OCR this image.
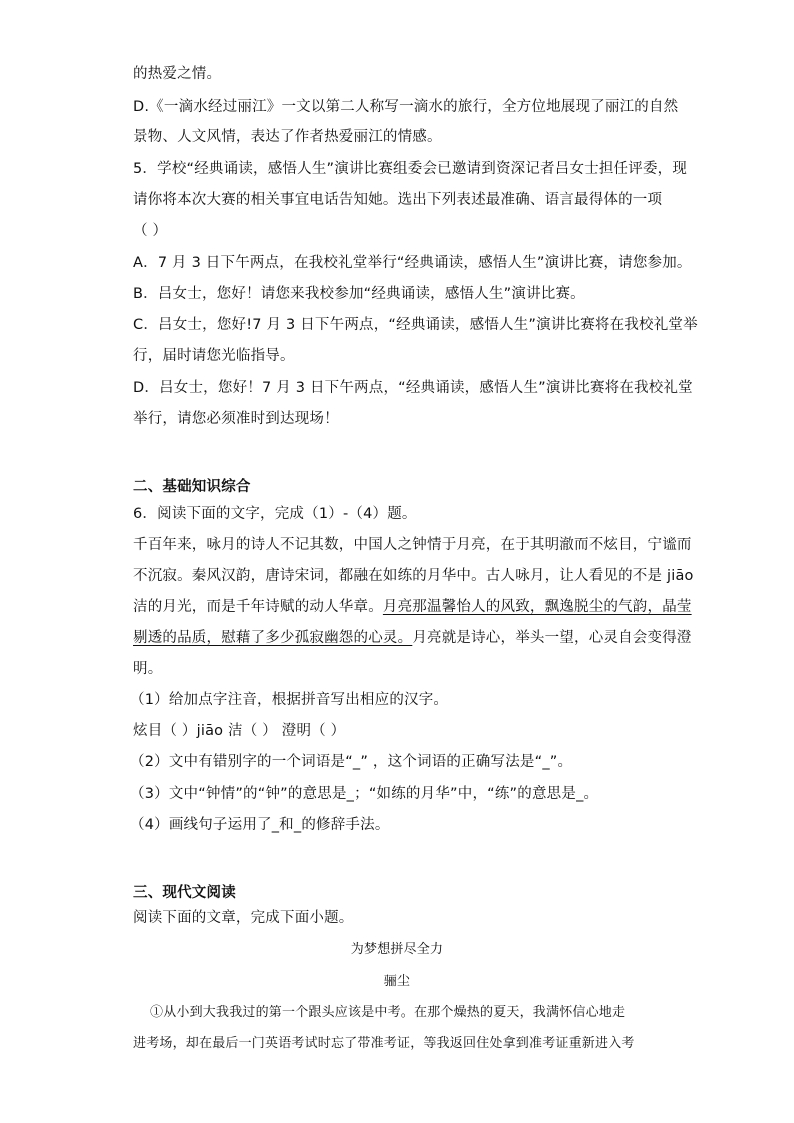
的热爱之情。
D.《一滴水经过丽江》一文以第二人称写一滴水的旅行，全方位地展现了丽江的自然
景物、人文风情，表达了作者热爱丽江的情感。
5．学校“经典诵读，感悟人生”演讲比赛组委会已邀请到资深记者吕女士担任评委，现
请你将本次大赛的相关事宜电话告知她。选出下列表述最准确、语言最得体的一项
（ ）
A．7 月 3 日下午两点，在我校礼堂举行“经典诵读，感悟人生”演讲比赛，请您参加。
B．吕女士，您好！请您来我校参加“经典诵读，感悟人生”演讲比赛。
C．吕女士，您好!7 月 3 日下午两点，“经典诵读，感悟人生”演讲比赛将在我校礼堂举
行，届时请您光临指导。
D．吕女士，您好！7 月 3 日下午两点，“经典诵读，感悟人生”演讲比赛将在我校礼堂
举行，请您必须准时到达现场！
二、基础知识综合
6．阅读下面的文字，完成（1）-（4）题。
千百年来，咏月的诗人不记其数，中国人之钟情于月亮，在于其明澈而不炫目，宁谧而
不沉寂。秦风汉韵，唐诗宋词，都融在如练的月华中。古人咏月，让人看见的不是 jiāo
洁的月光，而是千年诗赋的动人华章。月亮那温馨怡人的风致，飘逸脱尘的气韵，晶莹
剔透的品质，慰藉了多少孤寂幽怨的心灵。月亮就是诗心，举头一望，心灵自会变得澄
明。
（1）给加点字注音，根据拼音写出相应的汉字。
炫目（ ）jiāo 洁（ ） 澄明（ ）
（2）文中有错别字的一个词语是“_” ，这个词语的正确写法是“_”。
（3）文中“钟情”的“钟”的意思是_；“如练的月华”中，“练”的意思是_。
（4）画线句子运用了_和_的修辞手法。
三、现代文阅读
阅读下面的文章，完成下面小题。
为梦想拼尽全力
骊尘
①从小到大我我过的第一个跟头应该是中考。在那个燥热的夏天，我满怀信心地走
进考场，却在最后一门英语考试时忘了带准考证，等我返回住处拿到准考证重新进入考
